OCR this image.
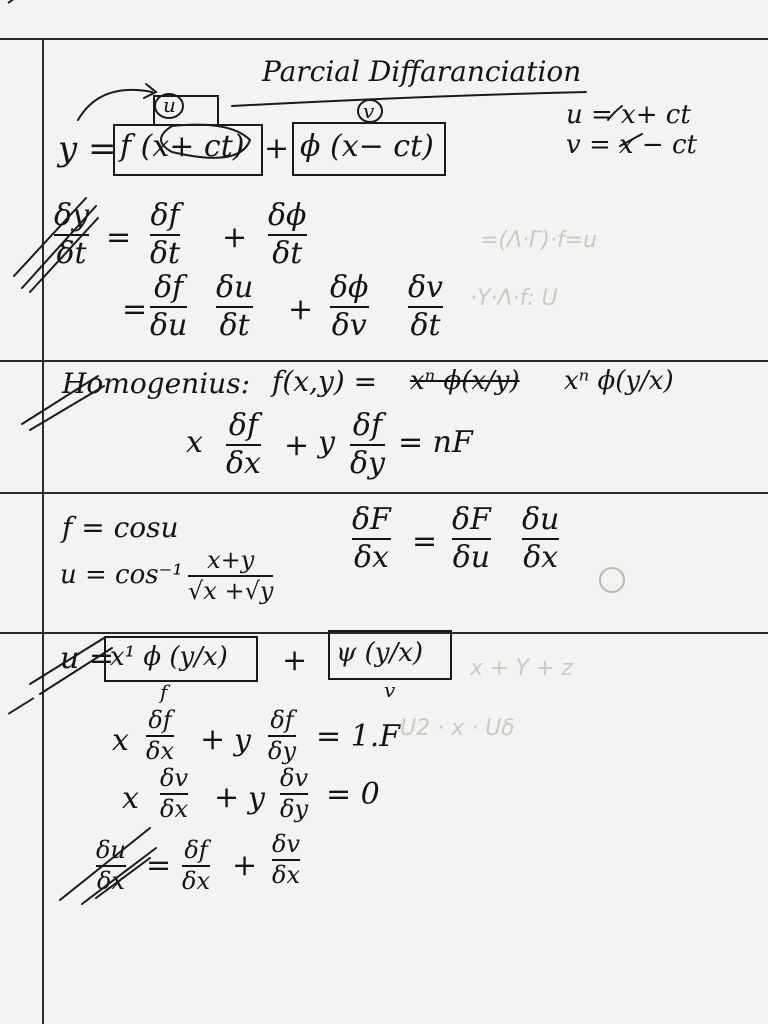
=(Λ·Γ)·f=u
·Y·Λ·f: U
x + Y + z
U2 · x · Uδ
Parcial Diffaranciation
u	v
y = f (x+ ct) + ϕ (x− ct)
u = x+ ct
v = x − ct
δy
δt =
δf
δt +
δϕ
δt
=
δf
δu
δu
δt +
δϕ
δv
δv
δt
Homogenius: f(x,y) = xⁿ ϕ(x/y) xⁿ ϕ(y/x)
x δf
δx + y δf
δy
= nF
f = cosu
u = cos⁻¹ x+y
√x +√y
δF
δx =
δF
δu
δu
δx
u =
x¹ ϕ (y/x) + ψ (y/x)
f	v
x
δf
δx + y
δf
δy = 1.F
x
δv
δx + y
δv
δy = 0
δu
δx = δf
δx +
δv
δx
